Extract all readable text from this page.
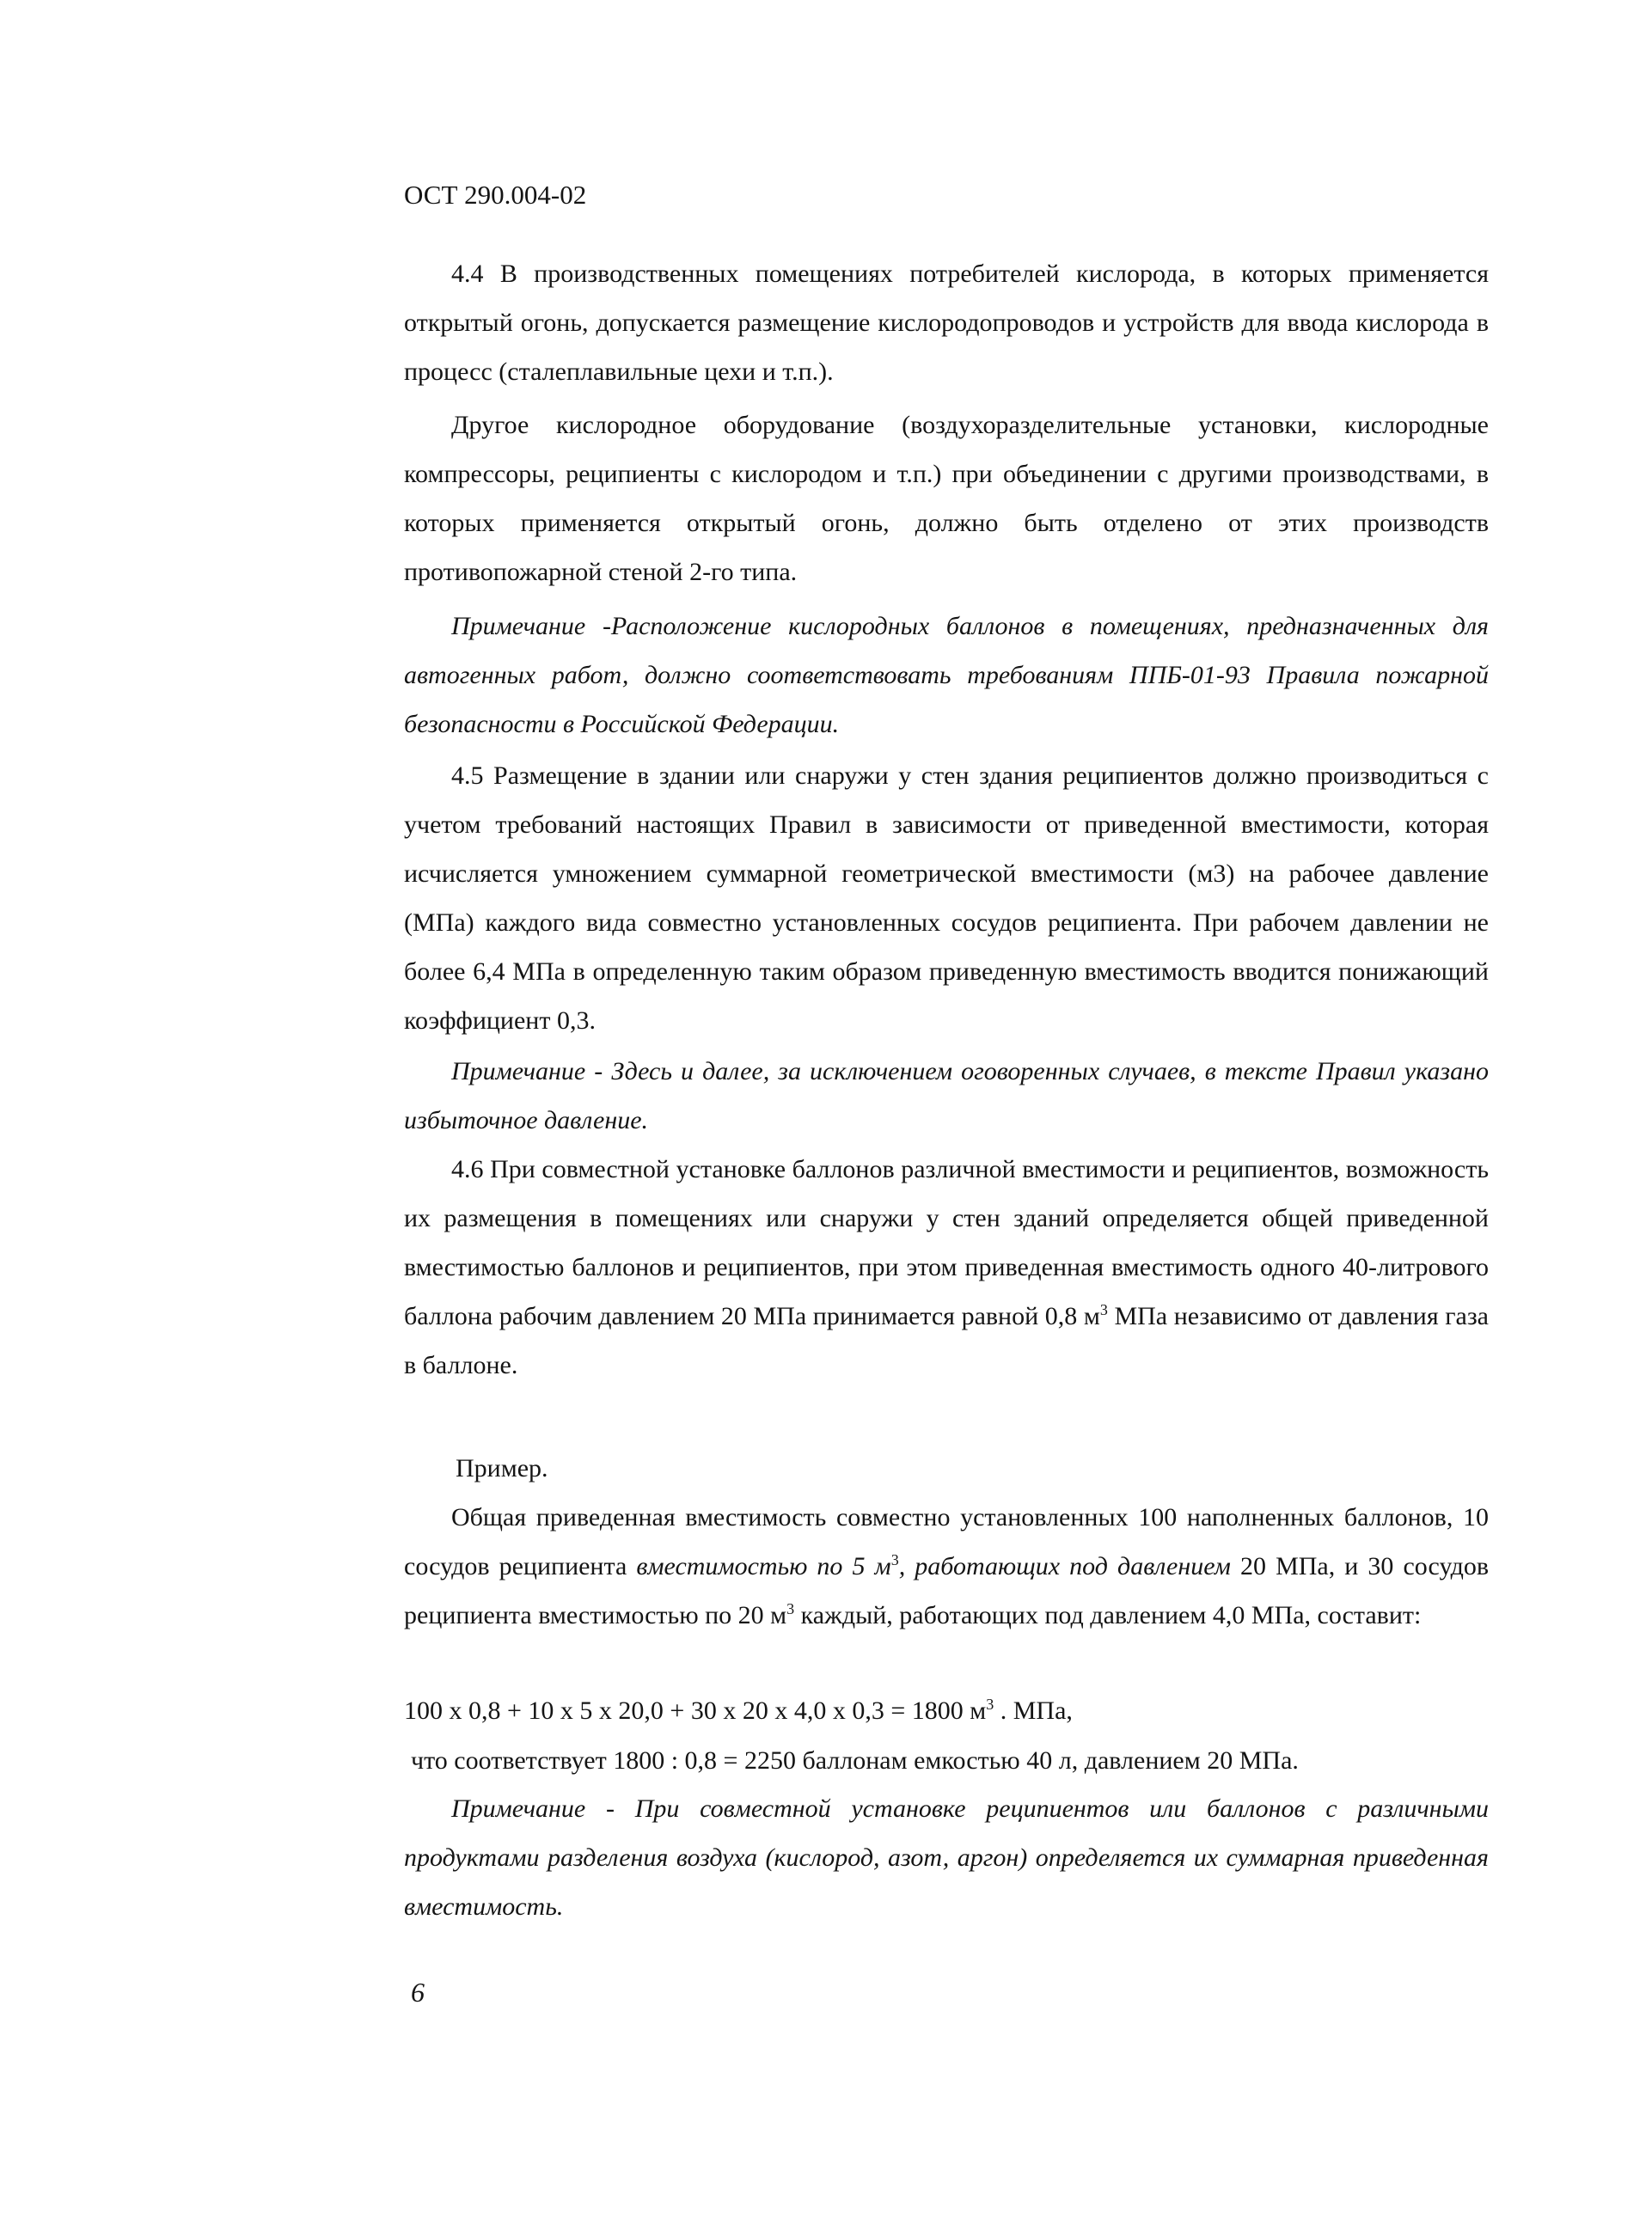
ОСТ 290.004-02
4.4 В производственных помещениях потребителей кислорода, в которых применяется открытый огонь, допускается размещение кислородопроводов и устройств для ввода кислорода в процесс (сталеплавильные цехи и т.п.).
Другое кислородное оборудование (воздухоразделительные установки, кислородные компрессоры, реципиенты с кислородом и т.п.) при объединении с другими производствами, в которых применяется открытый огонь, должно быть отделено от этих производств противопожарной стеной 2-го типа.
Примечание -Расположение кислородных баллонов в помещениях, предназначенных для автогенных работ, должно соответствовать требованиям ППБ-01-93 Правила пожарной безопасности в Российской Федерации.
4.5 Размещение в здании или снаружи у стен здания реципиентов должно производиться с учетом требований настоящих Правил в зависимости от приведенной вместимости, которая исчисляется умножением суммарной геометрической вместимости (м3) на рабочее давление (МПа) каждого вида совместно установленных сосудов реципиента. При рабочем давлении не более 6,4 МПа в определенную таким образом приведенную вместимость вводится понижающий коэффициент 0,3.
Примечание - Здесь и далее, за исключением оговоренных случаев, в тексте Правил указано избыточное давление.
4.6 При совместной установке баллонов различной вместимости и реципиентов, возможность их размещения в помещениях или снаружи у стен зданий определяется общей приведенной вместимостью баллонов и реципиентов, при этом приведенная вместимость одного 40-литрового баллона рабочим давлением 20 МПа принимается равной 0,8 $м^3$ МПа независимо от давления газа в баллоне.
Пример.
Общая приведенная вместимость совместно установленных 100 наполненных баллонов, 10 сосудов реципиента вместимостью по 5 $м^3$, работающих под давлением 20 МПа, и 30 сосудов реципиента вместимостью по 20 $м^3$ каждый, работающих под давлением 4,0 МПа, составит:
100 х 0,8 + 10 х 5 х 20,0 + 30 х 20 х 4,0 х 0,3 = 1800 $м^3$ . МПа,
что соответствует 1800 : 0,8 = 2250 баллонам емкостью 40 л, давлением 20 МПа.
Примечание - При совместной установке реципиентов или баллонов с различными продуктами разделения воздуха (кислород, азот, аргон) определяется их суммарная приведенная вместимость.
6
